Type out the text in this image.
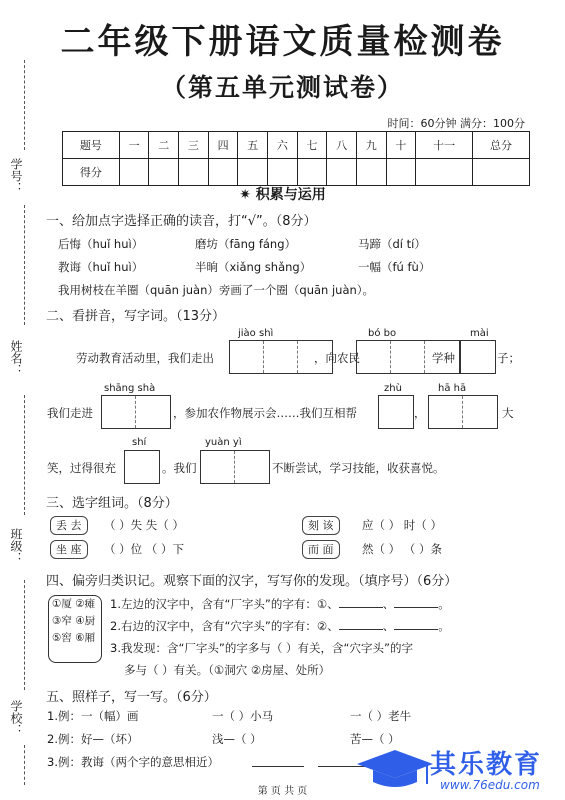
二年级下册语文质量检测卷
（第五单元测试卷）
时间：60分钟 满分：100分
学号：
姓名：
班级：
学校：
题号	一	二	三	四	五	六	七	八	九	十	十一	总分
得分												
✷ 积累与运用
一、给加点字选择正确的读音，打“√”。（8分）
后悔（huǐ huì）	磨坊（fāng fáng）	马蹄（dí tí）
教诲（huǐ huì）	半晌（xiǎng shǎng）	一幅（fú fù）
我用树枝在羊圈（quān juàn）旁画了一个圈（quān juàn）。
二、看拼音，写字词。（13分）
jiào shì	bó bo	mài
劳动教育活动里，我们走出	，向农民	学种	子；
shāng shà	zhù	hā hā
我们走进	，参加农作物展示会……我们互相帮	，	大
shí	yuàn yì
笑，过得很充	。我们	不断尝试，学习技能，收获喜悦。
三、选字组词。（8分）
丢 去	（ ）失 失（ ）	刻 该	应（ ） 时（ ）
坐 座	（ ）位 （ ）下	而 面	然（ ） （ ）条
四、偏旁归类识记。观察下面的汉字，写写你的发现。（填序号）（6分）
①厦 ②瘫
③窄 ④厨
⑤窖 ⑥厢
1.左边的汉字中，含有“厂字头”的字有：①、	、	。
2.右边的汉字中，含有“穴字头”的字有：②、	、	。
3.我发现：含“厂字头”的字多与（ ）有关，含“穴字头”的字
多与（ ）有关。（①洞穴 ②房屋、处所）
五、照样子，写一写。（6分）
1.例：一（幅）画	一（ ）小马	一（ ）老牛
2.例：好—（坏）	浅—（ ）	苦—（ ）
3.例：教诲（两个字的意思相近）	其乐教育
www.76edu.com
第 页 共 页
